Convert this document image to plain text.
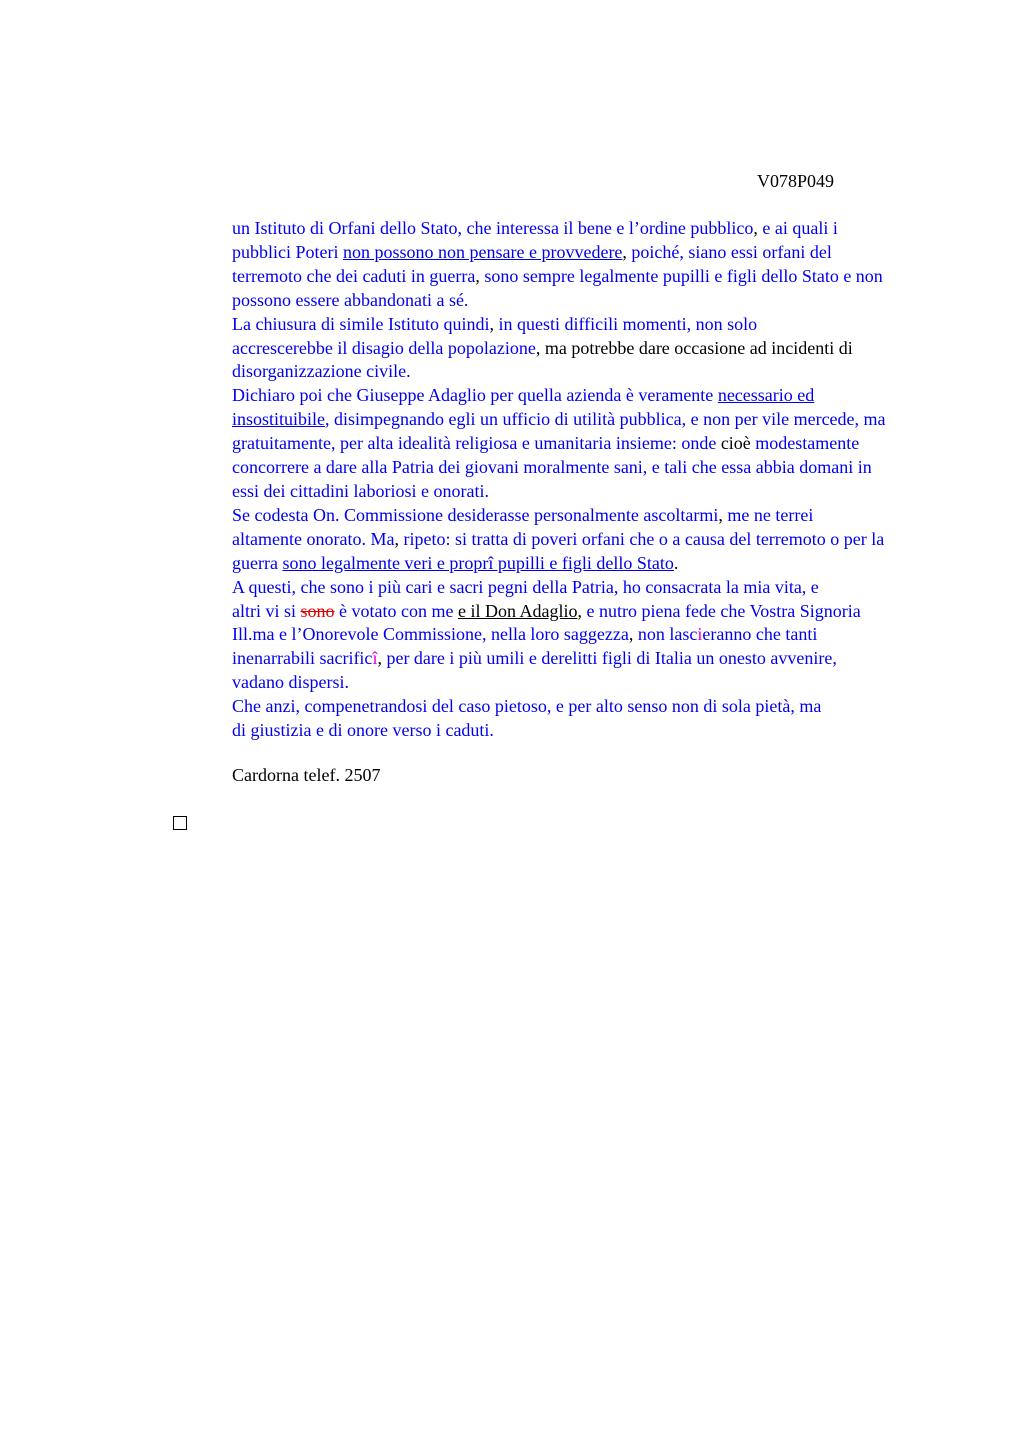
V078P049

un Istituto di Orfani dello Stato, che interessa il bene e l’ordine pubblico, e ai quali i
pubblici Poteri non possono non pensare e provvedere, poiché, siano essi orfani del
terremoto che dei caduti in guerra, sono sempre legalmente pupilli e figli dello Stato e non
possono essere abbandonati a sé.

La chiusura di simile Istituto quindi, in questi difficili momenti, non solo
accrescerebbe il disagio della popolazione, ma potrebbe dare occasione ad incidenti di
disorganizzazione civile.

Dichiaro poi che Giuseppe Adaglio per quella azienda è veramente necessario ed
insostituibile, disimpegnando egli un ufficio di utilità pubblica, e non per vile mercede, ma
gratuitamente, per alta idealità religiosa e umanitaria insieme: onde cioè modestamente
concorrere a dare alla Patria dei giovani moralmente sani, e tali che essa abbia domani in
essi dei cittadini laboriosi e onorati.

Se codesta On. Commissione desiderasse personalmente ascoltarmi, me ne terrei
altamente onorato. Ma, ripeto: si tratta di poveri orfani che o a causa del terremoto o per la
guerra sono legalmente veri e proprî pupilli e figli dello Stato.

A questi, che sono i più cari e sacri pegni della Patria, ho consacrata la mia vita, e
altri vi si sono è votato con me e il Don Adaglio, e nutro piena fede che Vostra Signoria
Ill.ma e l’Onorevole Commissione, nella loro saggezza, non lascieranno che tanti
inenarrabili sacrificî, per dare i più umili e derelitti figli di Italia un onesto avvenire,
vadano dispersi.

Che anzi, compenetrandosi del caso pietoso, e per alto senso non di sola pietà, ma
di giustizia e di onore verso i caduti.

Cardorna telef. 2507
